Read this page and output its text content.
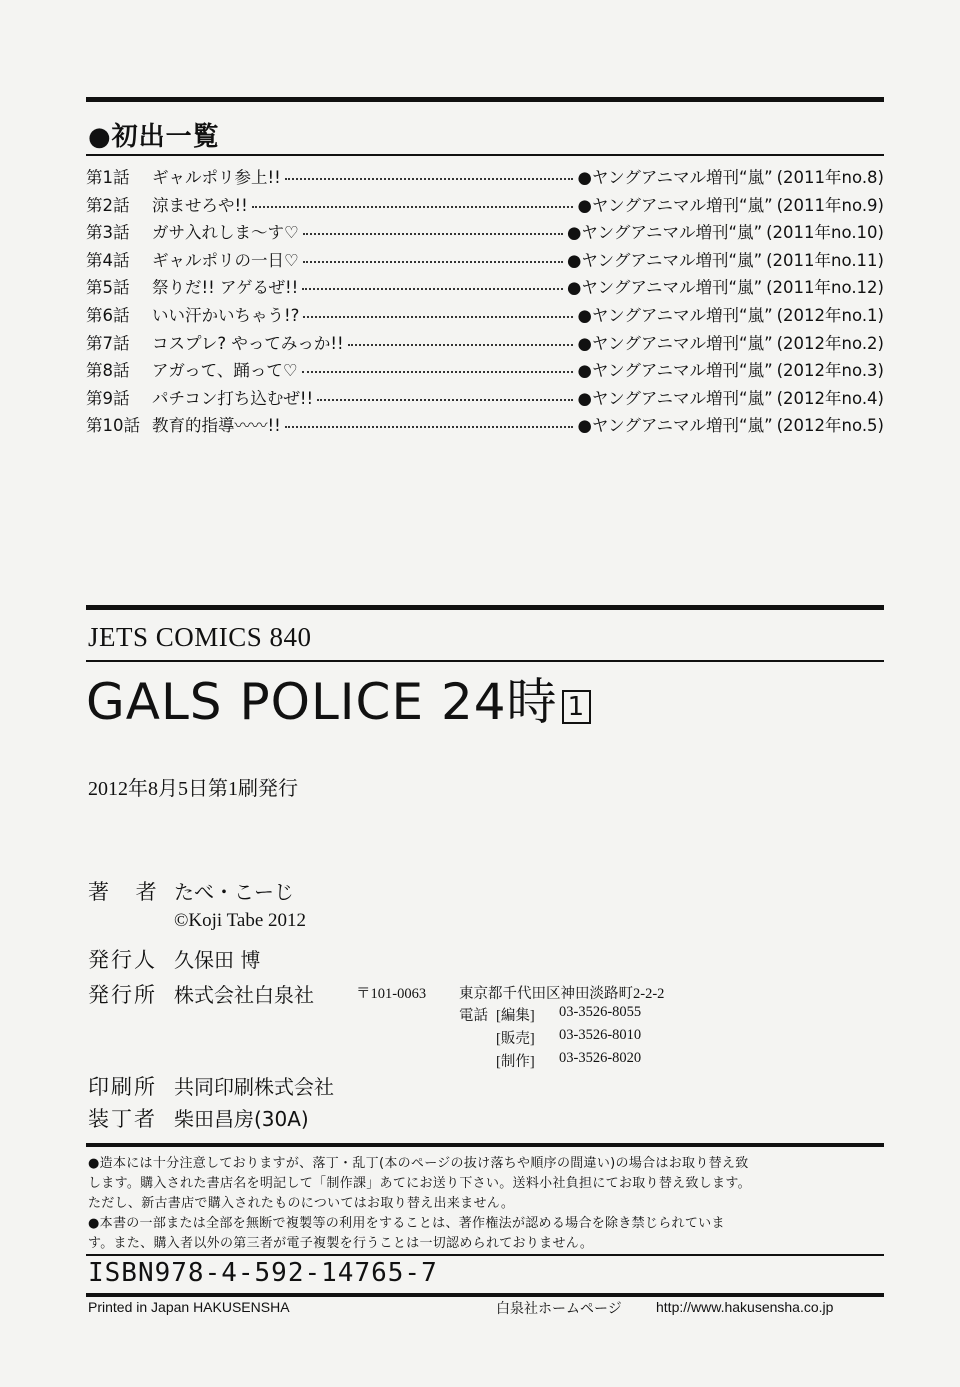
●初出一覧
第1話	ギャルポリ参上!!	●ヤングアニマル増刊“嵐” (2011年no.8)
第2話	涼ませろや!!	●ヤングアニマル増刊“嵐” (2011年no.9)
第3話	ガサ入れしま〜す♡	●ヤングアニマル増刊“嵐” (2011年no.10)
第4話	ギャルポリの一日♡	●ヤングアニマル増刊“嵐” (2011年no.11)
第5話	祭りだ!! アゲるぜ!!	●ヤングアニマル増刊“嵐” (2011年no.12)
第6話	いい汗かいちゃう!?	●ヤングアニマル増刊“嵐” (2012年no.1)
第7話	コスプレ? やってみっか!!	●ヤングアニマル増刊“嵐” (2012年no.2)
第8話	アガって、踊って♡	●ヤングアニマル増刊“嵐” (2012年no.3)
第9話	パチコン打ち込むぜ!!	●ヤングアニマル増刊“嵐” (2012年no.4)
第10話 教育的指導〰〰!!	●ヤングアニマル増刊“嵐” (2012年no.5)
JETS COMICS 840
GALS POLICE 24時 1
2012年8月5日第1刷発行
著 者 たべ・こーじ
©Koji Tabe 2012
発行人 久保田 博
発行所 株式会社白泉社	〒101-0063 東京都千代田区神田淡路町2-2-2
電話 [編集] 03-3526-8055
[販売] 03-3526-8010
[制作] 03-3526-8020
印刷所 共同印刷株式会社
装丁者 柴田昌房(30A)
●造本には十分注意しておりますが、落丁・乱丁(本のページの抜け落ちや順序の間違い)の場合はお取り替え致
します。購入された書店名を明記して「制作課」あてにお送り下さい。送料小社負担にてお取り替え致します。
ただし、新古書店で購入されたものについてはお取り替え出来ません。
●本書の一部または全部を無断で複製等の利用をすることは、著作権法が認める場合を除き禁じられていま
す。また、購入者以外の第三者が電子複製を行うことは一切認められておりません。
ISBN978-4-592-14765-7
Printed in Japan HAKUSENSHA	白泉社ホームページ http://www.hakusensha.co.jp
